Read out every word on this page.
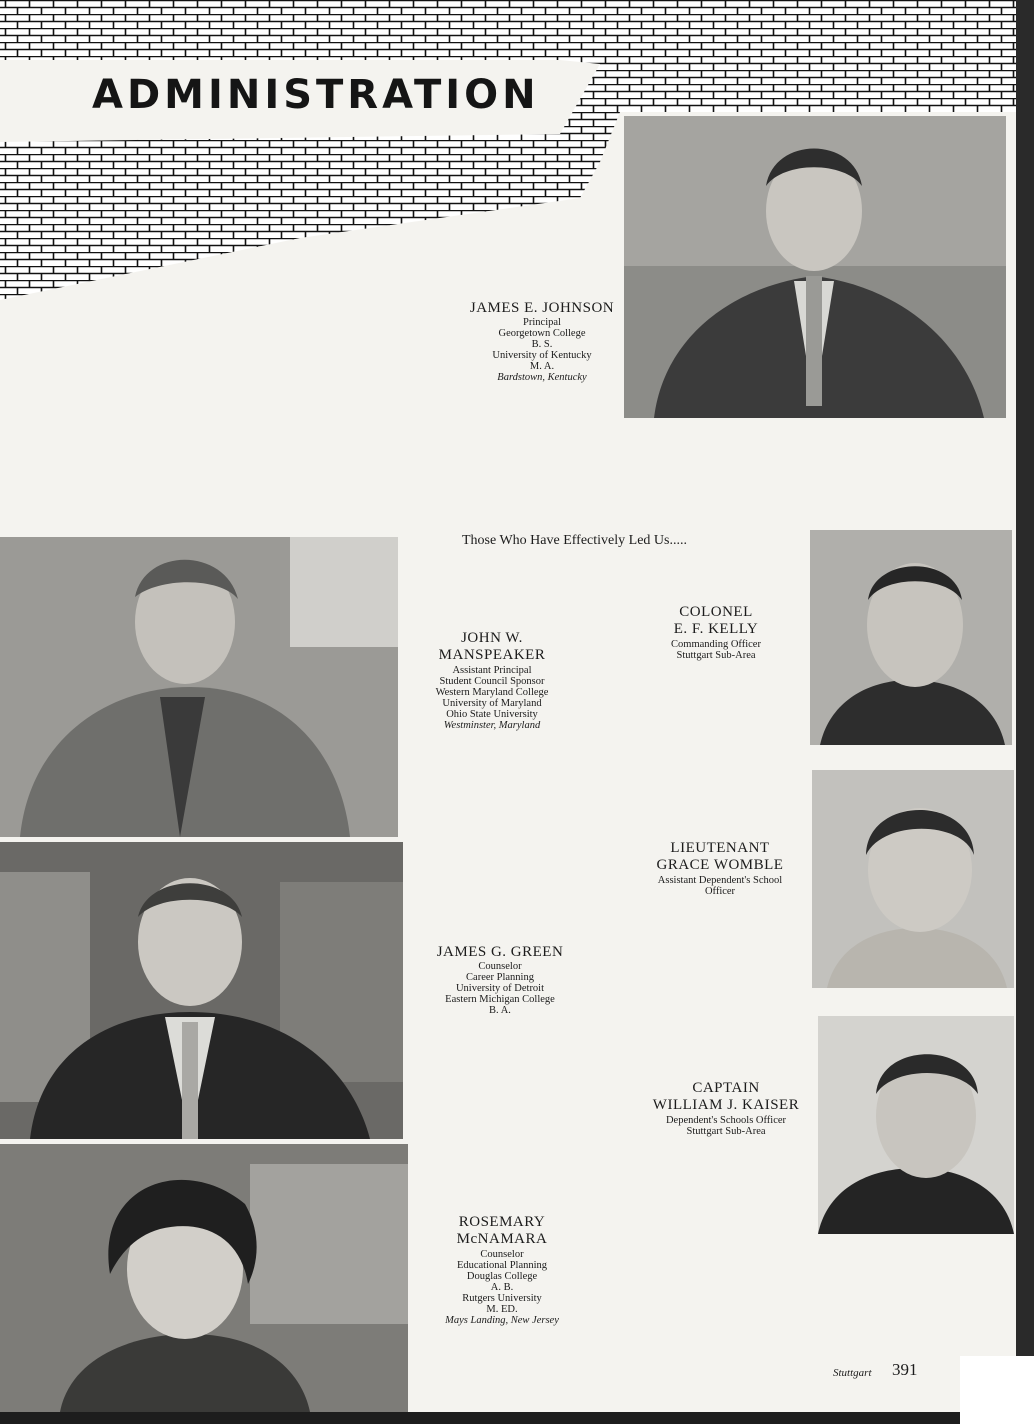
ADMINISTRATION
JAMES E. JOHNSON
Principal
Georgetown College
B. S.
University of Kentucky
M. A.
Bardstown, Kentucky
Those Who Have Effectively Led Us.....
JOHN W.
MANSPEAKER
Assistant Principal
Student Council Sponsor
Western Maryland College
University of Maryland
Ohio State University
Westminster, Maryland
COLONEL
E. F. KELLY
Commanding Officer
Stuttgart Sub-Area
JAMES G. GREEN
Counselor
Career Planning
University of Detroit
Eastern Michigan College
B. A.
LIEUTENANT
GRACE WOMBLE
Assistant Dependent's School
Officer
CAPTAIN
WILLIAM J. KAISER
Dependent's Schools Officer
Stuttgart Sub-Area
ROSEMARY
McNAMARA
Counselor
Educational Planning
Douglas College
A. B.
Rutgers University
M. ED.
Mays Landing, New Jersey
Stuttgart 391
